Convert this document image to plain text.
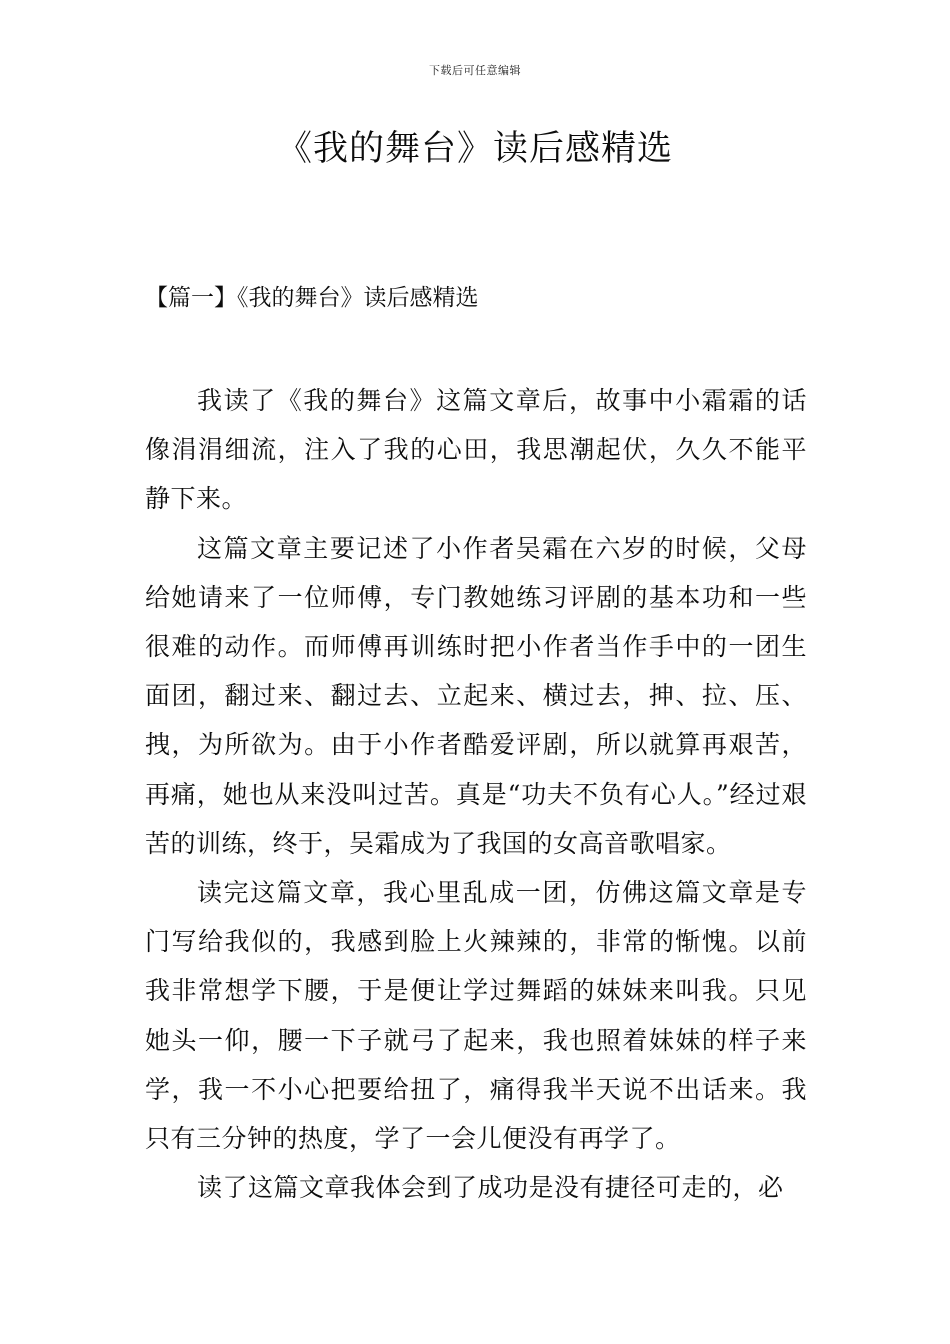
下载后可任意编辑
《我的舞台》读后感精选
【篇一】《我的舞台》读后感精选

我读了《我的舞台》这篇文章后，故事中小霜霜的话像涓涓细流，注入了我的心田，我思潮起伏，久久不能平静下来。

这篇文章主要记述了小作者吴霜在六岁的时候，父母给她请来了一位师傅，专门教她练习评剧的基本功和一些很难的动作。而师傅再训练时把小作者当作手中的一团生面团，翻过来、翻过去、立起来、横过去，抻、拉、压、拽，为所欲为。由于小作者酷爱评剧，所以就算再艰苦，再痛，她也从来没叫过苦。真是“功夫不负有心人。”经过艰苦的训练，终于，吴霜成为了我国的女高音歌唱家。

读完这篇文章，我心里乱成一团，仿佛这篇文章是专门写给我似的，我感到脸上火辣辣的，非常的惭愧。以前我非常想学下腰，于是便让学过舞蹈的妹妹来叫我。只见她头一仰，腰一下子就弓了起来，我也照着妹妹的样子来学，我一不小心把要给扭了，痛得我半天说不出话来。我只有三分钟的热度，学了一会儿便没有再学了。

读了这篇文章我体会到了成功是没有捷径可走的，必
